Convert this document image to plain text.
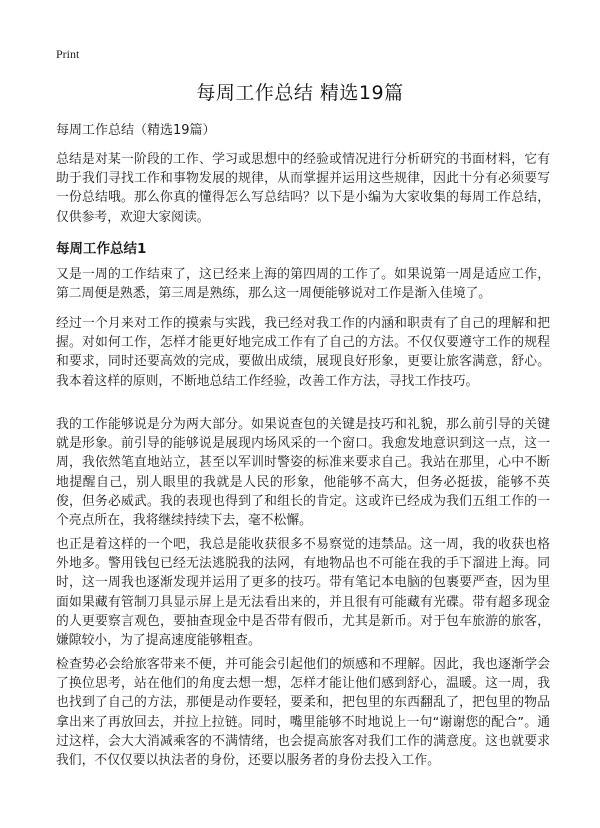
Print
每周工作总结 精选19篇
每周工作总结（精选19篇）
总结是对某一阶段的工作、学习或思想中的经验或情况进行分析研究的书面材料，它有助于我们寻找工作和事物发展的规律，从而掌握并运用这些规律，因此十分有必须要写一份总结哦。那么你真的懂得怎么写总结吗？以下是小编为大家收集的每周工作总结，仅供参考，欢迎大家阅读。
每周工作总结1
又是一周的工作结束了，这已经来上海的第四周的工作了。如果说第一周是适应工作，第二周便是熟悉，第三周是熟练，那么这一周便能够说对工作是渐入佳境了。
经过一个月来对工作的摸索与实践，我已经对我工作的内涵和职责有了自己的理解和把握。对如何工作，怎样才能更好地完成工作有了自己的方法。不仅仅要遵守工作的规程和要求，同时还要高效的完成，要做出成绩，展现良好形象，更要让旅客满意，舒心。我本着这样的原则，不断地总结工作经验，改善工作方法，寻找工作技巧。
我的工作能够说是分为两大部分。如果说查包的关键是技巧和礼貌，那么前引导的关键就是形象。前引导的能够说是展现内场风采的一个窗口。我愈发地意识到这一点，这一周，我依然笔直地站立，甚至以军训时警姿的标准来要求自己。我站在那里，心中不断地提醒自己，别人眼里的我就是人民的形象，他能够不高大，但务必挺拔，能够不英俊，但务必威武。我的表现也得到了和组长的肯定。这或许已经成为我们五组工作的一个亮点所在，我将继续持续下去，毫不松懈。
也正是着这样的一个吧，我总是能收获很多不易察觉的违禁品。这一周，我的收获也格外地多。警用钱包已经无法逃脱我的法网，有地物品也不可能在我的手下溜进上海。同时，这一周我也逐渐发现并运用了更多的技巧。带有笔记本电脑的包裹要严查，因为里面如果藏有管制刀具显示屏上是无法看出来的，并且很有可能藏有光碟。带有超多现金的人更要察言观色，要抽查现金中是否带有假币，尤其是新币。对于包车旅游的旅客，嫌隙较小，为了提高速度能够粗查。
检查势必会给旅客带来不便，并可能会引起他们的烦感和不理解。因此，我也逐渐学会了换位思考，站在他们的角度去想一想，怎样才能让他们感到舒心，温暖。这一周，我也找到了自己的方法，那便是动作要轻，要柔和，把包里的东西翻乱了，把包里的物品拿出来了再放回去，并拉上拉链。同时，嘴里能够不时地说上一句“谢谢您的配合”。通过这样，会大大消减乘客的不满情绪，也会提高旅客对我们工作的满意度。这也就要求我们，不仅仅要以执法者的身份，还要以服务者的身份去投入工作。
